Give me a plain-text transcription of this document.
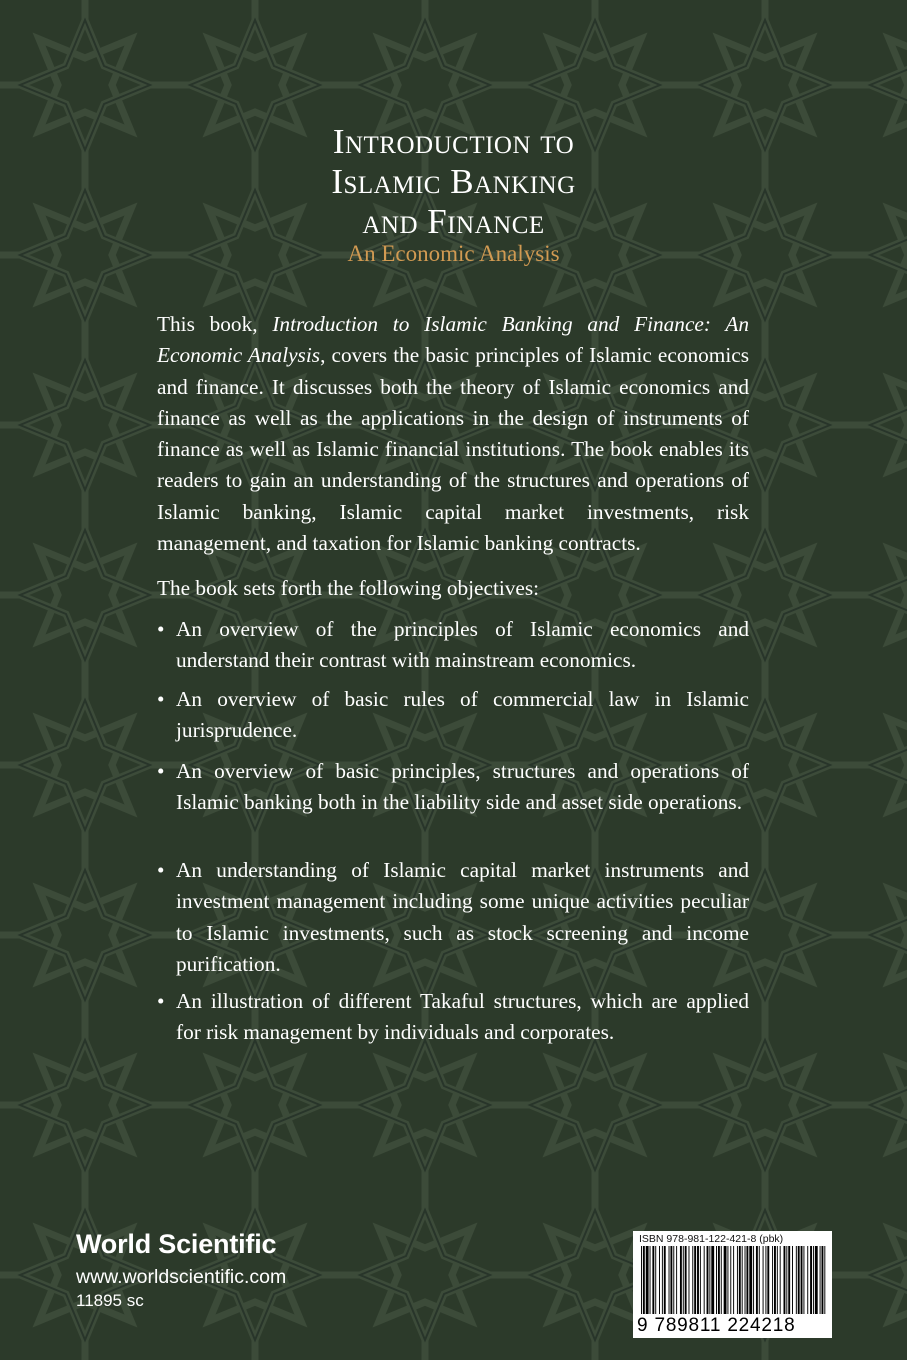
Introduction to
Islamic Banking
and Finance
An Economic Analysis

This book, Introduction to Islamic Banking and Finance: An Economic Analysis, covers the basic principles of Islamic economics and finance. It discusses both the theory of Islamic economics and finance as well as the applications in the design of instruments of finance as well as Islamic financial institutions. The book enables its readers to gain an understanding of the structures and operations of Islamic banking, Islamic capital market investments, risk management, and taxation for Islamic banking contracts.

The book sets forth the following objectives:
• An overview of the principles of Islamic economics and understand their contrast with mainstream economics.
• An overview of basic rules of commercial law in Islamic jurisprudence.
• An overview of basic principles, structures and operations of Islamic banking both in the liability side and asset side operations.
• An understanding of Islamic capital market instruments and investment management including some unique activities peculiar to Islamic investments, such as stock screening and income purification.
• An illustration of different Takaful structures, which are applied for risk management by individuals and corporates.
World Scientific
www.worldscientific.com
11895 sc
ISBN 978-981-122-421-8 (pbk)
9 789811 224218
